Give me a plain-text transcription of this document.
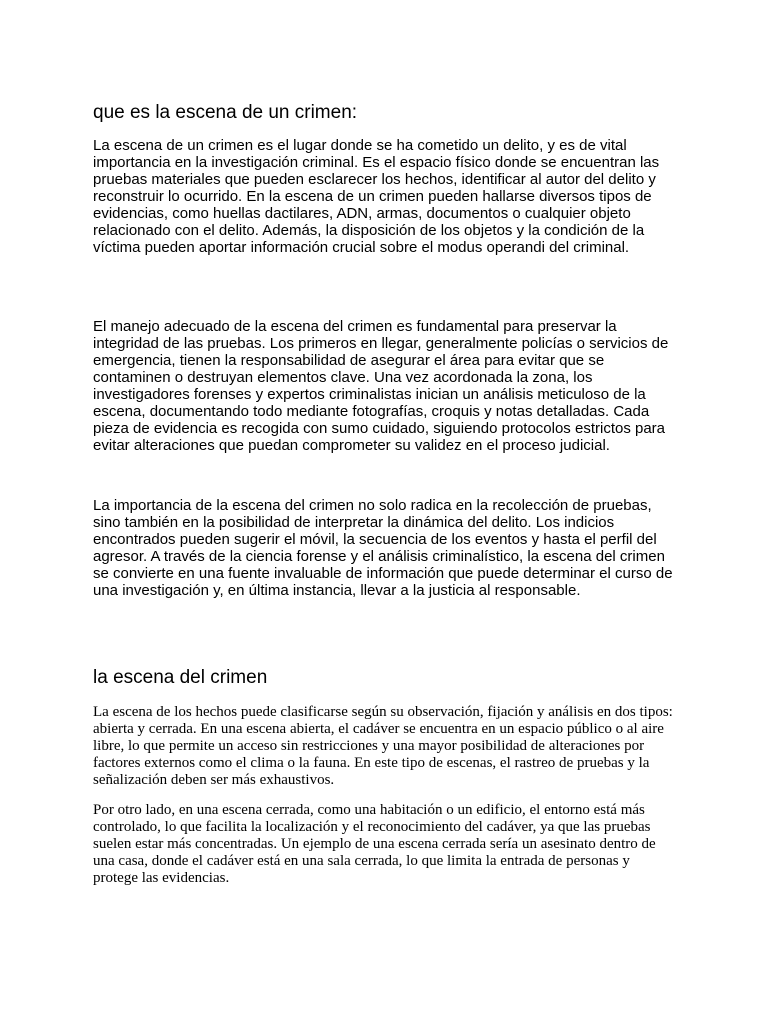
que es la escena de un crimen:

La escena de un crimen es el lugar donde se ha cometido un delito, y es de vital importancia en la investigación criminal. Es el espacio físico donde se encuentran las pruebas materiales que pueden esclarecer los hechos, identificar al autor del delito y reconstruir lo ocurrido. En la escena de un crimen pueden hallarse diversos tipos de evidencias, como huellas dactilares, ADN, armas, documentos o cualquier objeto relacionado con el delito. Además, la disposición de los objetos y la condición de la víctima pueden aportar información crucial sobre el modus operandi del criminal.

El manejo adecuado de la escena del crimen es fundamental para preservar la integridad de las pruebas. Los primeros en llegar, generalmente policías o servicios de emergencia, tienen la responsabilidad de asegurar el área para evitar que se contaminen o destruyan elementos clave. Una vez acordonada la zona, los investigadores forenses y expertos criminalistas inician un análisis meticuloso de la escena, documentando todo mediante fotografías, croquis y notas detalladas. Cada pieza de evidencia es recogida con sumo cuidado, siguiendo protocolos estrictos para evitar alteraciones que puedan comprometer su validez en el proceso judicial.

La importancia de la escena del crimen no solo radica en la recolección de pruebas, sino también en la posibilidad de interpretar la dinámica del delito. Los indicios encontrados pueden sugerir el móvil, la secuencia de los eventos y hasta el perfil del agresor. A través de la ciencia forense y el análisis criminalístico, la escena del crimen se convierte en una fuente invaluable de información que puede determinar el curso de una investigación y, en última instancia, llevar a la justicia al responsable.

la escena del crimen

La escena de los hechos puede clasificarse según su observación, fijación y análisis en dos tipos: abierta y cerrada. En una escena abierta, el cadáver se encuentra en un espacio público o al aire libre, lo que permite un acceso sin restricciones y una mayor posibilidad de alteraciones por factores externos como el clima o la fauna. En este tipo de escenas, el rastreo de pruebas y la señalización deben ser más exhaustivos.

Por otro lado, en una escena cerrada, como una habitación o un edificio, el entorno está más controlado, lo que facilita la localización y el reconocimiento del cadáver, ya que las pruebas suelen estar más concentradas. Un ejemplo de una escena cerrada sería un asesinato dentro de una casa, donde el cadáver está en una sala cerrada, lo que limita la entrada de personas y protege las evidencias.
